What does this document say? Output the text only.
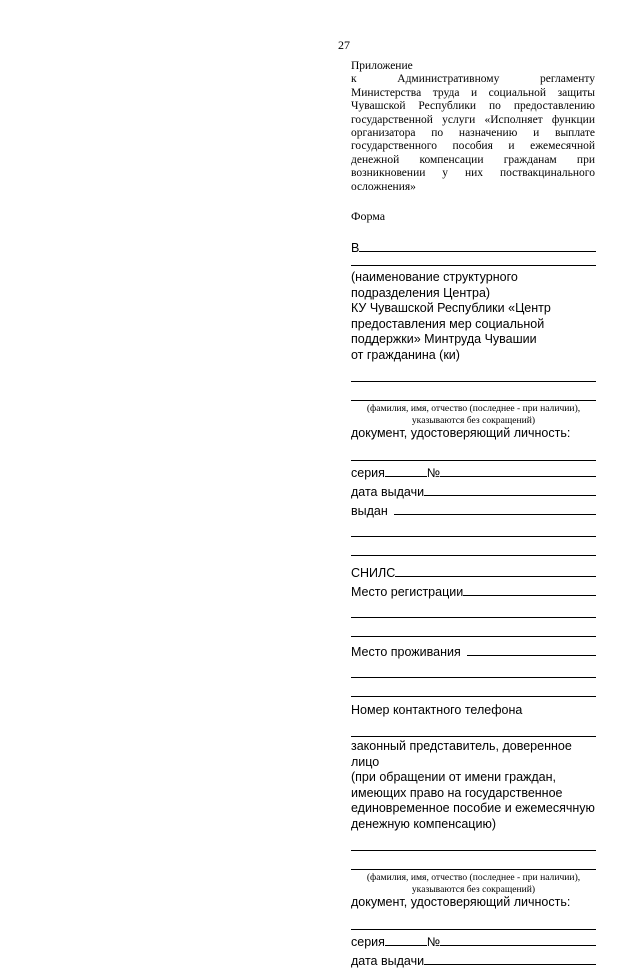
27
Приложение
к Административному регламенту
Министерства труда и социальной защиты
Чувашской Республики по предоставлению
государственной услуги «Исполняет функции
организатора по назначению и выплате
государственного пособия и ежемесячной
денежной компенсации гражданам при
возникновении у них поствакцинального
осложнения»
Форма
В
(наименование структурного
подразделения Центра)
КУ Чувашской Республики «Центр
предоставления мер социальной
поддержки» Минтруда Чувашии
от гражданина (ки)
(фамилия, имя, отчество (последнее - при наличии),
указываются без сокращений)
документ, удостоверяющий личность:
серия	№
дата выдачи
выдан
СНИЛС
Место регистрации
Место проживания
Номер контактного телефона
законный представитель, доверенное лицо
(при обращении от имени граждан,
имеющих право на государственное
единовременное пособие и ежемесячную
денежную компенсацию)
(фамилия, имя, отчество (последнее - при наличии),
указываются без сокращений)
документ, удостоверяющий личность:
серия	№
дата выдачи
